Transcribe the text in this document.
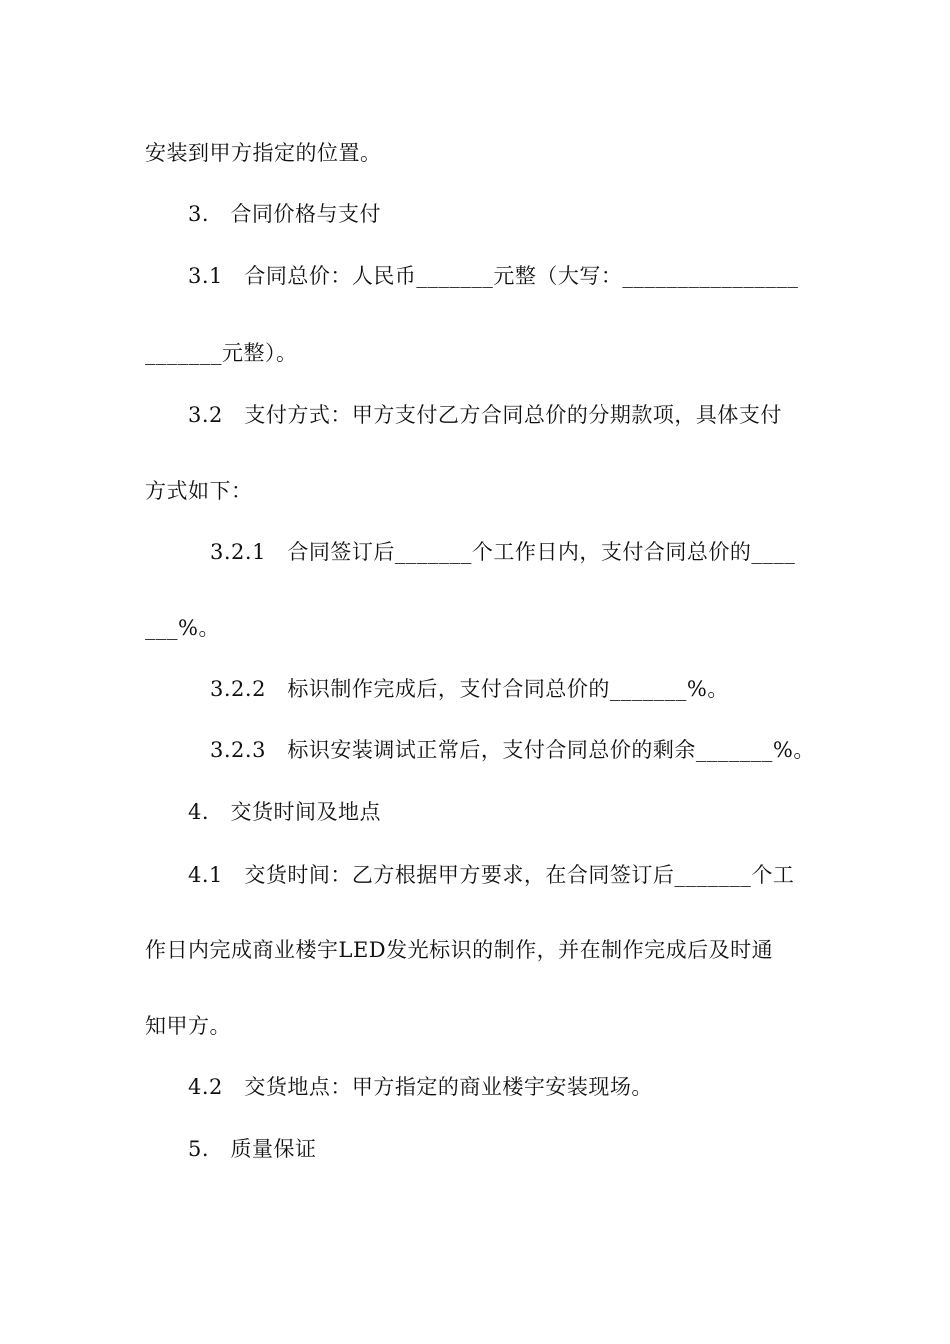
安装到甲方指定的位置。
3.　合同价格与支付
3.1　合同总价：人民币_______元整（大写：________________
_______元整）。
3.2　支付方式：甲方支付乙方合同总价的分期款项，具体支付
方式如下：
3.2.1　合同签订后_______个工作日内，支付合同总价的____
___%。
3.2.2　标识制作完成后，支付合同总价的_______%。
3.2.3　标识安装调试正常后，支付合同总价的剩余_______%。
4.　交货时间及地点
4.1　交货时间：乙方根据甲方要求，在合同签订后_______个工
作日内完成商业楼宇LED发光标识的制作，并在制作完成后及时通
知甲方。
4.2　交货地点：甲方指定的商业楼宇安装现场。
5.　质量保证
